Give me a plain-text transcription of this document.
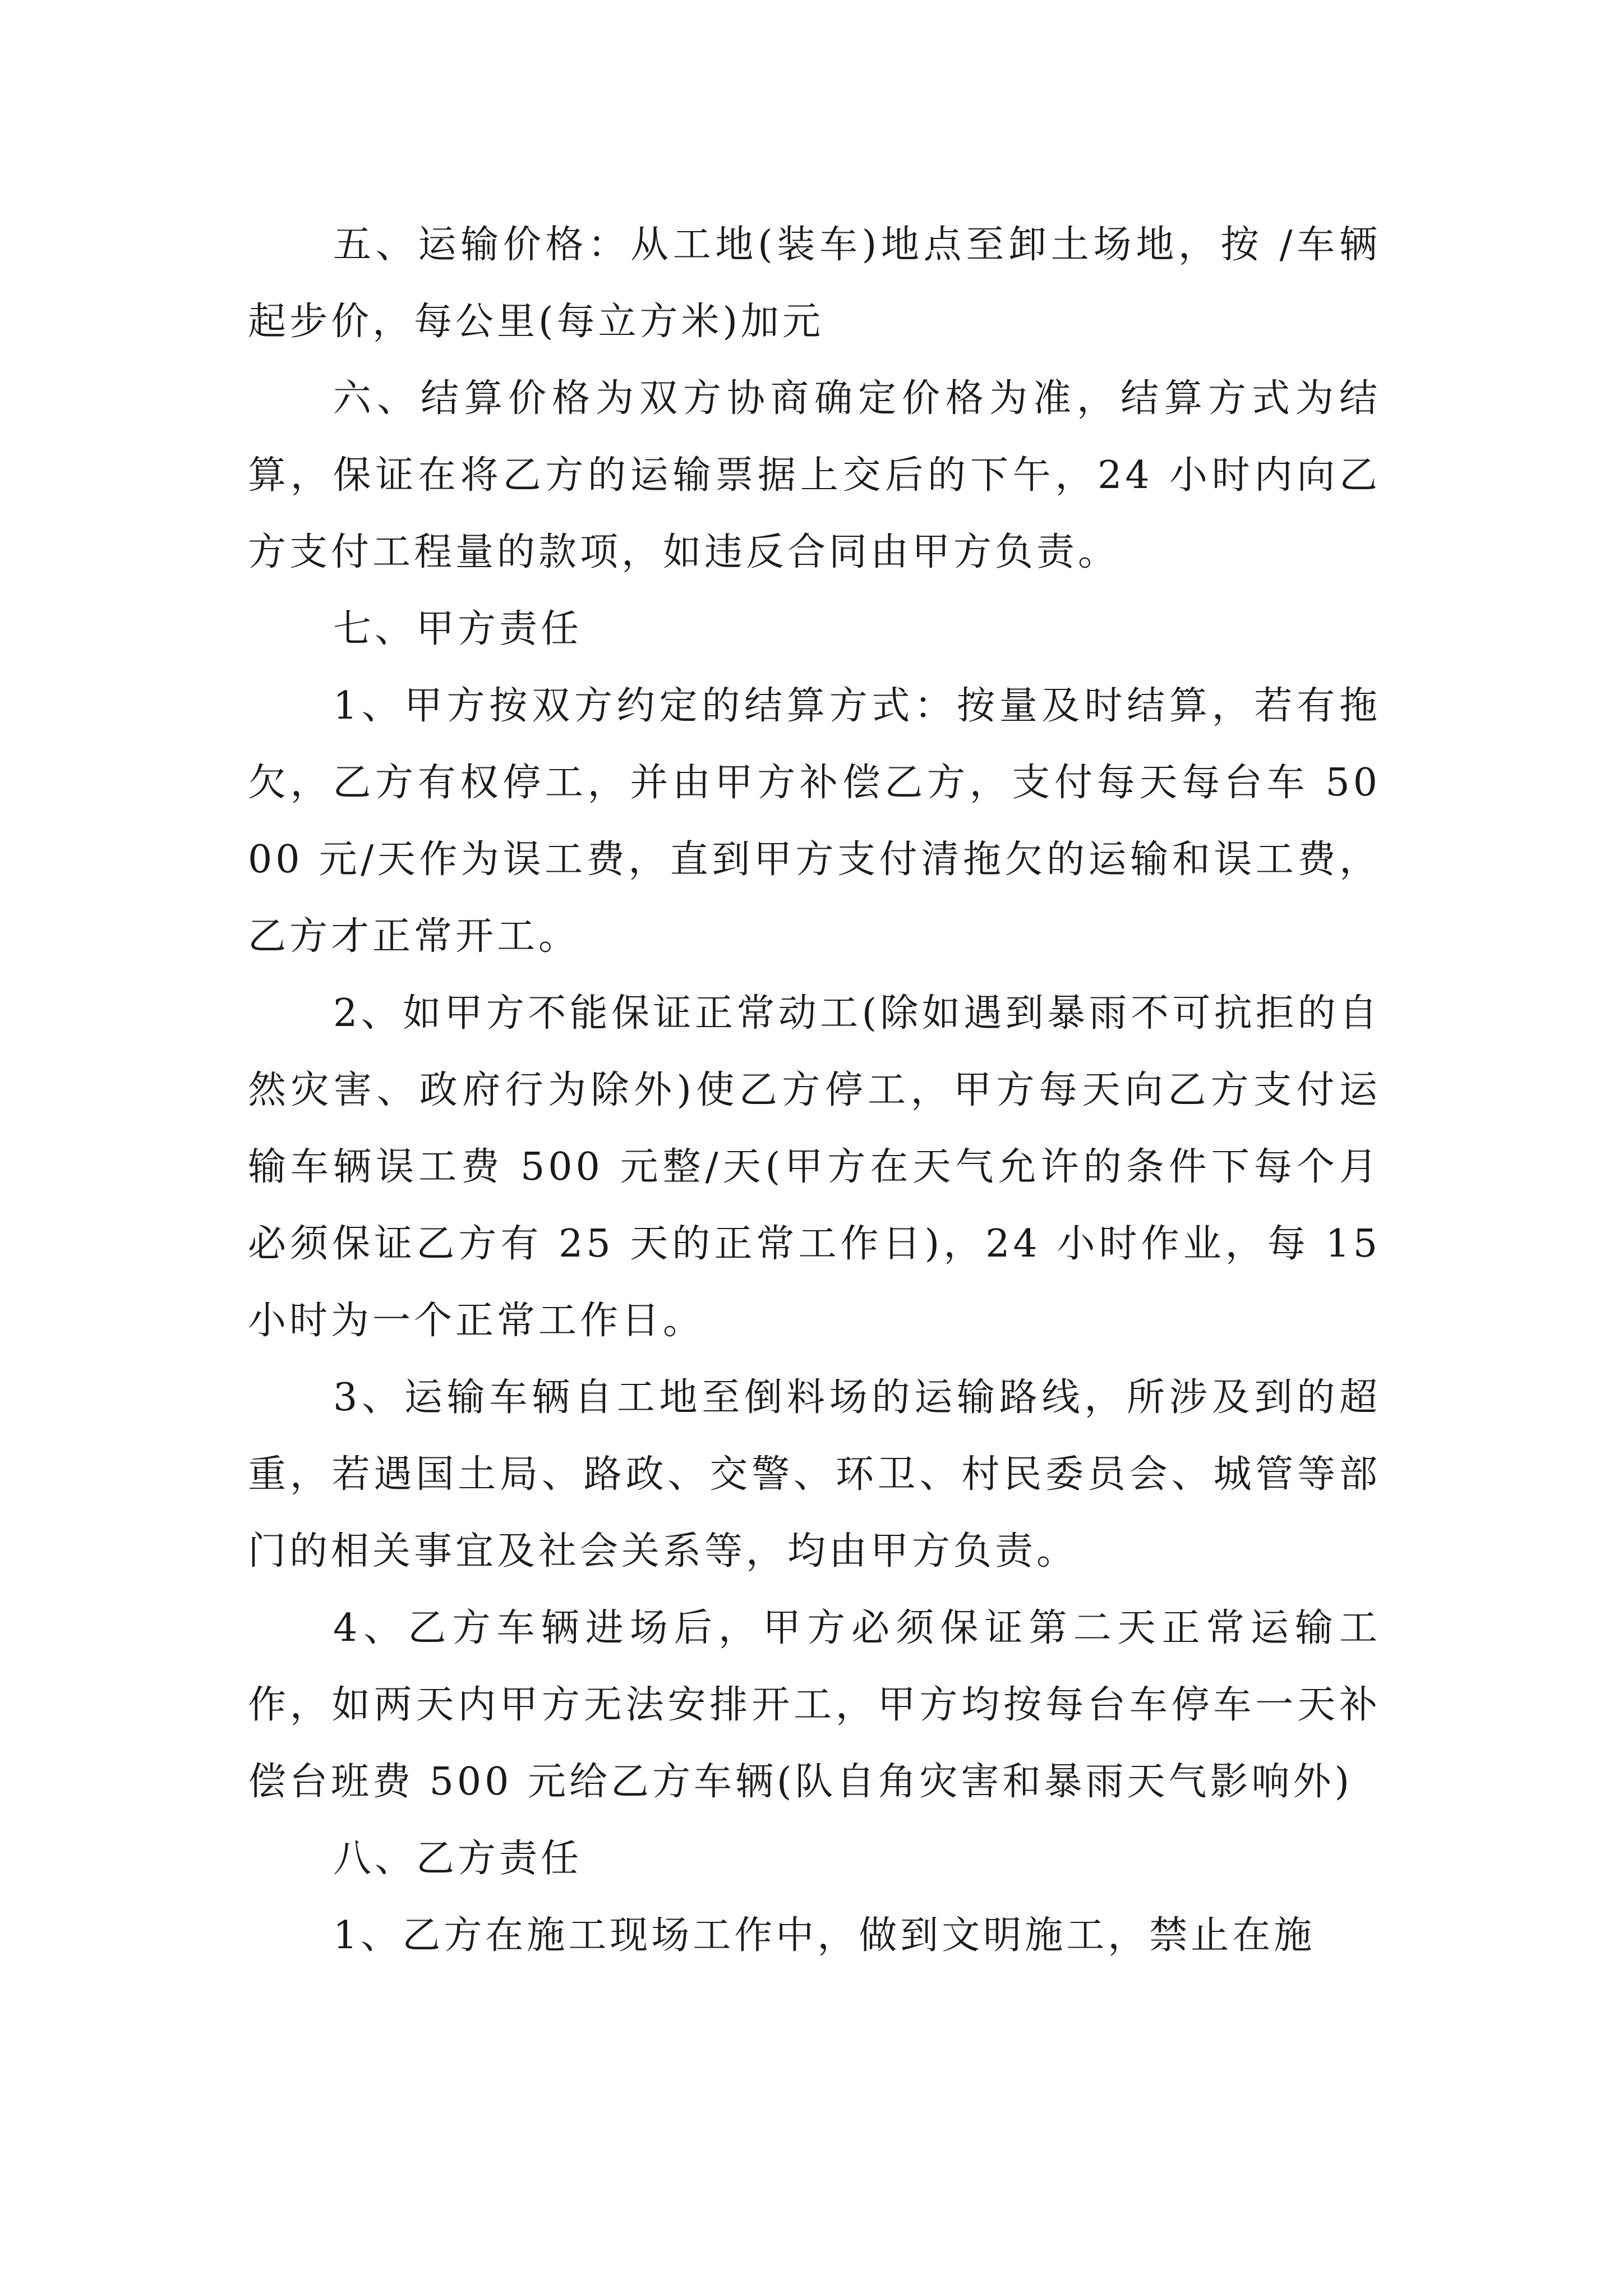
五、运输价格：从工地(装车)地点至卸土场地，按 /车辆起步价，每公里(每立方米)加元

六、结算价格为双方协商确定价格为准，结算方式为结算，保证在将乙方的运输票据上交后的下午，24 小时内向乙方支付工程量的款项，如违反合同由甲方负责。

七、甲方责任

1、甲方按双方约定的结算方式：按量及时结算，若有拖欠，乙方有权停工，并由甲方补偿乙方，支付每天每台车 5000 元/天作为误工费，直到甲方支付清拖欠的运输和误工费，乙方才正常开工。

2、如甲方不能保证正常动工(除如遇到暴雨不可抗拒的自然灾害、政府行为除外)使乙方停工，甲方每天向乙方支付运输车辆误工费 500 元整/天(甲方在天气允许的条件下每个月必须保证乙方有 25 天的正常工作日)，24 小时作业，每 15 小时为一个正常工作日。

3、运输车辆自工地至倒料场的运输路线，所涉及到的超重，若遇国土局、路政、交警、环卫、村民委员会、城管等部门的相关事宜及社会关系等，均由甲方负责。

4、乙方车辆进场后，甲方必须保证第二天正常运输工作，如两天内甲方无法安排开工，甲方均按每台车停车一天补偿台班费 500 元给乙方车辆(队自角灾害和暴雨天气影响外)

八、乙方责任

1、乙方在施工现场工作中，做到文明施工，禁止在施
